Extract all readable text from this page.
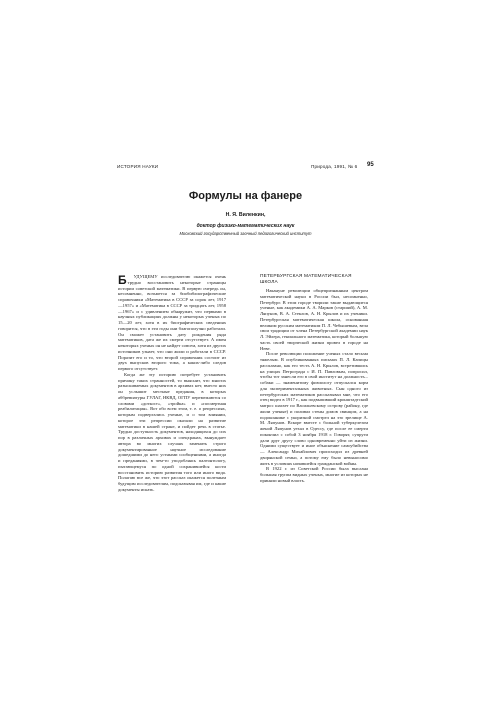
ИСТОРИЯ НАУКИ	Природа, 1991, № 6 95
Формулы на фанере
Н. Я. Виленкин,
доктор физико-математических наук
Московский государственный заочный педагогический институт

Б УДУЩЕМУ исследователю окажется очень трудно восстановить некоторые страницы истории советской математики. В первую очередь он, несомненно, возьмется за биобиблиографические справочники «Математика в СССР за сорок лет, 1917—1957» и «Математика в СССР за тридцать лет, 1958—1967» и с удивлением обнаружит, что первыми в научных публикациях должны у некоторых ученых по 15—20 лет, хотя в их биографических сведениях говорится, что в эти годы они благополучно работали. Он сможет установить дату рождения ряда математиков, дата же их смерти отсутствует. А имен некоторых ученых он не найдет совсем, хотя из других источников узнает, что они жили и работали в СССР. Поразит его и то, что второй справочник состоит из двух выпусков второго тома, а каких-либо следов первого отсутствует.

Когда же эту историю потребует установить причину таких странностей, то выяснит, что многих разыскиваемых документов в архивах нет, вместо них он услышит местные предания, в которых аббревиатуры ГУЛАГ, НКВД, ОГПУ перемежаются со словами «доткост», «тройка» и «посмертная реабилитация». Вот обо всем этом, т. е. о репрессиях, которым подвергались ученые, и о том влиянии, которое эти репрессии оказали на развитие математики в нашей стране, и пойдет речь в статье. Трудно доступность документов, находящихся до сих пор в различных архивах и спецхранах, вынуждает автора во многих случаях заменить строго документированное научное исследование дошедшими до него устными сообщениями, а иногда и преданиями, в чем-то уподобляясь палеонтологу, пытающемуся по одной сохранившейся кости восстановить историю развития того или иного вида. Полагаю все же, что этот рассказ окажется полезным будущим исследователям, подсказывая им, где и какие документы искать.

ПЕТЕРБУРГСКАЯ МАТЕМАТИЧЕСКАЯ ШКОЛА

Накануне революции общепризнанным центром математической науки в России был, несомненно, Петербург. В этом городе творили такие выдающиеся ученые, как академики А. А. Марков (старший), А. М. Ляпунов, В. А. Стеклов, А. Н. Крылов и их ученики. Петербургская математическая школа, основанная великим русским математиком П. Л. Чебышевым, вела свои традиции от члена Петербургской академии наук Л. Эйлера, гениального математика, который большую часть своей творческой жизни провел в городе на Неве.

После революции положение ученых стало весьма тяжелым. В опубликованных письмах П. Л. Капицы рассказано, как его тесть А. Н. Крылов, встретившись на улицах Петрограда с И. П. Павловым, попросил, чтобы тот занесли его в свой институт на должность... собаки — знаменитому физиологу отпускался корм для экспериментальных животных. Сын одного из петербургских математиков рассказывал мне, что его отец видел в 1917 г., как подвыпивший кронштадтский матрос шагает по Васильевскому острову (району, где жили ученые) и поливал стены домов свинцом, а на подоконнике с укоризной смотрел на это зрелище А. М. Ляпунов. Вскоре вместе с больной туберкулезом женой Ляпунов уехал в Одессу, где после ее смерти покончил с собой 3 ноября 1918 г. Говорят, супруги дали друг другу слово одновременно уйти из жизни. Одними существует и иное объяснение самоубийства — Александр Михайлович происходил из древней дворянской семьи, а потому ему было невыносимо жить в условиях начавшейся гражданской войны.

В 1922 г. из Советской России была выслана большая группа видных ученых, многие из которых не приняли новый власть.
